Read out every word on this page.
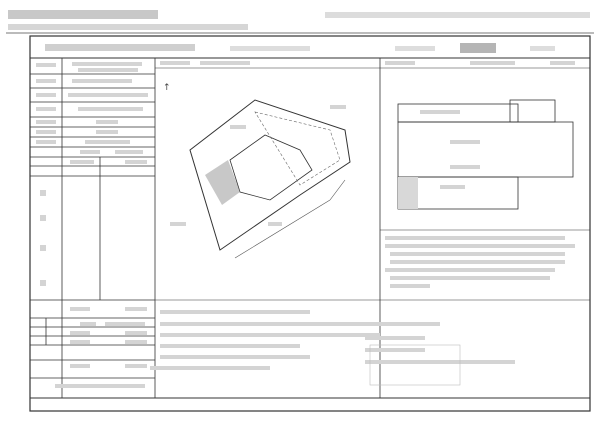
↑
